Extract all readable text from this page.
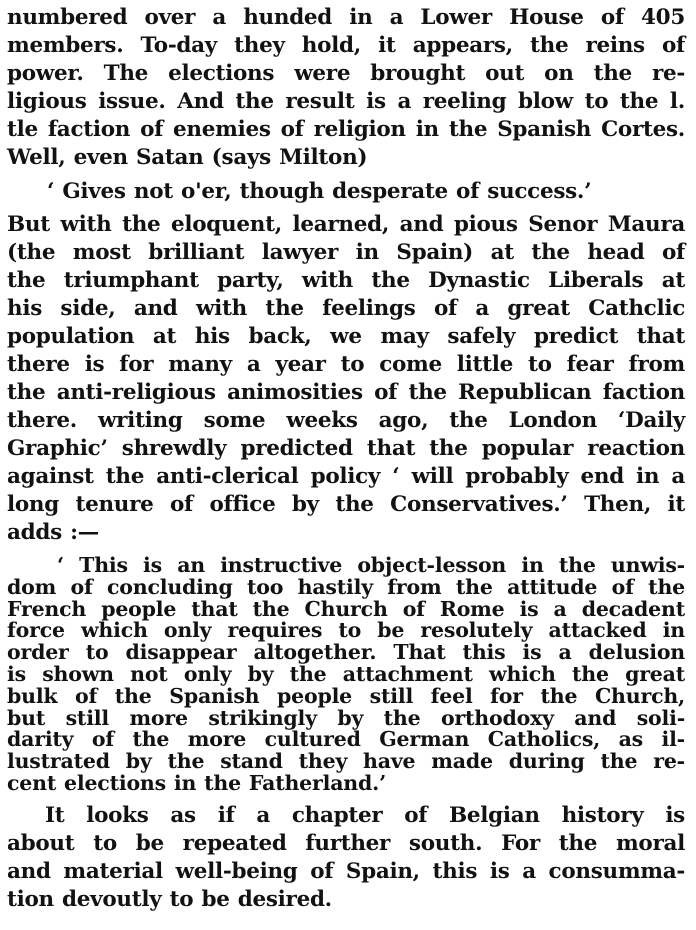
numbered over a hunded in a Lower House of 405
members. To-day they hold, it appears, the reins of
power. The elections were brought out on the re-
ligious issue. And the result is a reeling blow to the l.
tle faction of enemies of religion in the Spanish Cortes.
Well, even Satan (says Milton)
‘ Gives not o'er, though desperate of success.’
But with the eloquent, learned, and pious Senor Maura
(the most brilliant lawyer in Spain) at the head of
the triumphant party, with the Dynastic Liberals at
his side, and with the feelings of a great Cathclic
population at his back, we may safely predict that
there is for many a year to come little to fear from
the anti-religious animosities of the Republican faction
there. writing some weeks ago, the London ‘Daily
Graphic’ shrewdly predicted that the popular reaction
against the anti-clerical policy ‘ will probably end in a
long tenure of office by the Conservatives.’ Then, it
adds :—
‘ This is an instructive object-lesson in the unwis-
dom of concluding too hastily from the attitude of the
French people that the Church of Rome is a decadent
force which only requires to be resolutely attacked in
order to disappear altogether. That this is a delusion
is shown not only by the attachment which the great
bulk of the Spanish people still feel for the Church,
but still more strikingly by the orthodoxy and soli-
darity of the more cultured German Catholics, as il-
lustrated by the stand they have made during the re-
cent elections in the Fatherland.’
It looks as if a chapter of Belgian history is
about to be repeated further south. For the moral
and material well-being of Spain, this is a consumma-
tion devoutly to be desired.
